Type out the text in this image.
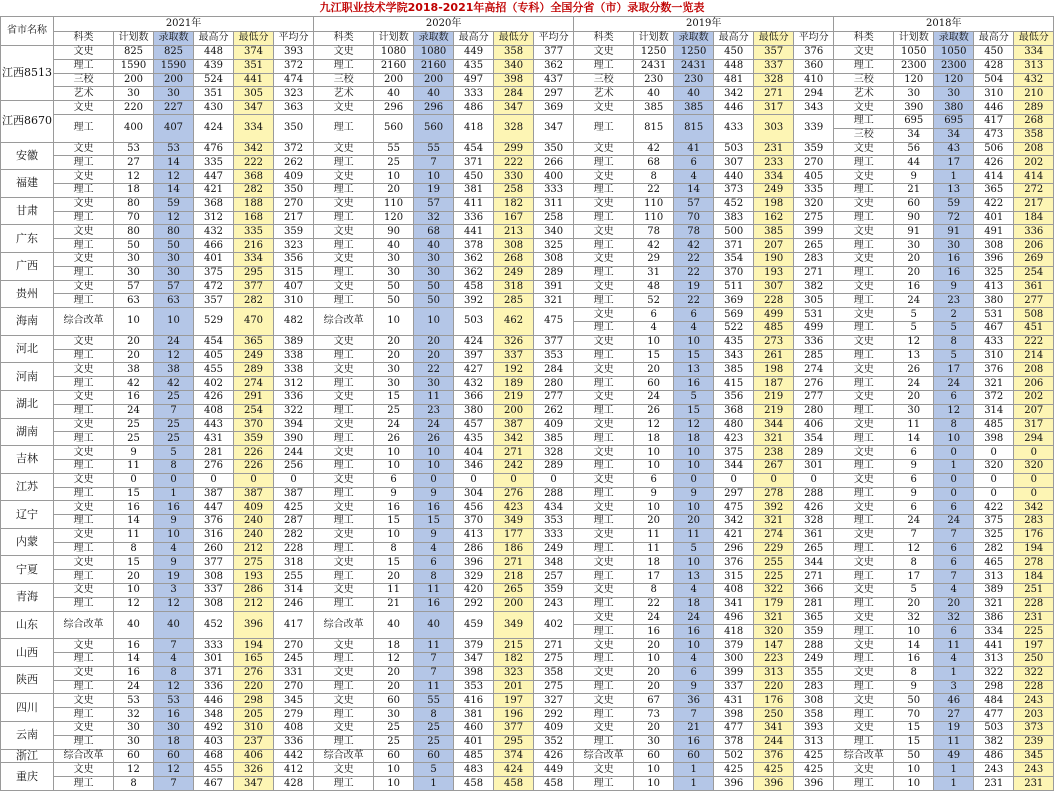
九江职业技术学院2018-2021年高招（专科）全国分省（市）录取分数一览表
省市名称	2021年						2020年						2019年						2018年				
	科类	计划数	录取数	最高分	最低分	平均分	科类	计划数	录取数	最高分	最低分	平均分	科类	计划数	录取数	最高分	最低分	平均分	科类	计划数	录取数	最高分	最低分
江西8513	文史	825	825	448	374	393	文史	1080	1080	449	358	377	文史	1250	1250	450	357	376	文史	1050	1050	450	334
	理工	1590	1590	439	351	372	理工	2160	2160	435	340	362	理工	2431	2431	448	337	360	理工	2300	2300	428	313
	三校	200	200	524	441	474	三校	200	200	497	398	437	三校	230	230	481	328	410	三校	120	120	504	432
	艺术	30	30	351	305	323	艺术	40	40	333	284	297	艺术	40	40	342	271	294	艺术	30	30	310	210
江西8670	文史	220	227	430	347	363	文史	296	296	486	347	369	文史	385	385	446	317	343	文史	390	380	446	289
	理工	400	407	424	334	350	理工	560	560	418	328	347	理工	815	815	433	303	339	理工	695	695	417	268
																			三校	34	34	473	358
安徽	文史	53	53	476	342	372	文史	55	55	454	299	350	文史	42	41	503	231	359	文史	56	43	506	208
	理工	27	14	335	222	262	理工	25	7	371	222	266	理工	68	6	307	233	270	理工	44	17	426	202
福建	文史	12	12	447	368	409	文史	10	10	450	330	400	文史	8	4	440	334	405	文史	9	1	414	414
	理工	18	14	421	282	350	理工	20	19	381	258	333	理工	22	14	373	249	335	理工	21	13	365	272
甘肃	文史	80	59	368	188	270	文史	110	57	411	182	311	文史	110	57	452	198	320	文史	60	59	422	217
	理工	70	12	312	168	217	理工	120	32	336	167	258	理工	110	70	383	162	275	理工	90	72	401	184
广东	文史	80	80	432	335	359	文史	90	68	441	213	340	文史	78	78	500	385	399	文史	91	91	491	336
	理工	50	50	466	216	323	理工	40	40	378	308	325	理工	42	42	371	207	265	理工	30	30	308	206
广西	文史	30	30	401	334	356	文史	30	30	362	268	308	文史	29	22	354	190	283	文史	20	16	396	269
	理工	30	30	375	295	315	理工	30	30	362	249	289	理工	31	22	370	193	271	理工	20	16	325	254
贵州	文史	57	57	472	377	407	文史	50	50	458	318	391	文史	48	19	511	307	382	文史	16	9	413	361
	理工	63	63	357	282	310	理工	50	50	392	285	321	理工	52	22	369	228	305	理工	24	23	380	277
海南	综合改革	10	10	529	470	482	综合改革	10	10	503	462	475	文史	6	6	569	499	531	文史	5	2	531	508
													理工	4	4	522	485	499	理工	5	5	467	451
河北	文史	20	24	454	365	389	文史	20	20	424	326	377	文史	10	10	435	273	336	文史	12	8	433	222
	理工	20	12	405	249	338	理工	20	20	397	337	353	理工	15	15	343	261	285	理工	13	5	310	214
河南	文史	38	38	455	289	338	文史	30	22	427	192	284	文史	20	13	385	198	274	文史	26	17	376	208
	理工	42	42	402	274	312	理工	30	30	432	189	280	理工	60	16	415	187	276	理工	24	24	321	206
湖北	文史	16	25	426	291	336	文史	15	11	366	219	277	文史	24	5	356	219	277	文史	20	6	372	202
	理工	24	7	408	254	322	理工	25	23	380	200	262	理工	26	15	368	219	280	理工	30	12	314	207
湖南	文史	25	25	443	370	394	文史	24	24	457	387	409	文史	12	12	480	344	406	文史	11	8	485	317
	理工	25	25	431	359	390	理工	26	26	435	342	385	理工	18	18	423	321	354	理工	14	10	398	294
吉林	文史	9	5	281	226	244	文史	10	10	404	271	328	文史	10	10	375	238	289	文史	6	0	0	0
	理工	11	8	276	226	256	理工	10	10	346	242	289	理工	10	10	344	267	301	理工	9	1	320	320
江苏	文史	0	0	0	0	0	文史	6	0	0	0	0	文史	6	0	0	0	0	文史	6	0	0	0
	理工	15	1	387	387	387	理工	9	9	304	276	288	理工	9	9	297	278	288	理工	9	0	0	0
辽宁	文史	16	16	447	409	425	文史	16	16	456	423	434	文史	10	10	475	392	426	文史	6	6	422	342
	理工	14	9	376	240	287	理工	15	15	370	349	353	理工	20	20	342	321	328	理工	24	24	375	283
内蒙	文史	11	10	316	240	282	文史	10	9	413	177	333	文史	11	11	421	274	361	文史	7	7	325	176
	理工	8	4	260	212	228	理工	8	4	286	186	249	理工	11	5	296	229	265	理工	12	6	282	194
宁夏	文史	15	9	377	275	318	文史	15	6	396	271	348	文史	18	10	376	255	344	文史	8	6	465	278
	理工	20	19	308	193	255	理工	20	8	329	218	257	理工	17	13	315	225	271	理工	17	7	313	184
青海	文史	10	3	337	286	314	文史	11	11	420	265	359	文史	8	4	408	322	366	文史	5	4	389	251
	理工	12	12	308	212	246	理工	21	16	292	200	243	理工	22	18	341	179	281	理工	20	20	321	228
山东	综合改革	40	40	452	396	417	综合改革	40	40	459	349	402	文史	24	24	496	321	365	文史	32	32	386	231
													理工	16	16	418	320	359	理工	10	6	334	225
山西	文史	16	7	333	194	270	文史	18	11	379	215	271	文史	20	10	379	147	288	文史	14	11	441	197
	理工	14	4	301	165	245	理工	12	7	347	182	275	理工	10	4	300	223	249	理工	16	4	313	250
陕西	文史	16	8	371	276	331	文史	20	7	398	323	358	文史	20	6	399	313	355	文史	8	1	322	322
	理工	24	12	336	220	270	理工	20	11	353	201	275	理工	20	9	337	220	283	理工	9	3	298	228
四川	文史	53	53	446	298	345	文史	60	55	416	197	327	文史	67	36	431	176	308	文史	50	46	484	243
	理工	32	16	348	205	279	理工	30	8	381	196	292	理工	73	7	398	250	358	理工	70	27	477	203
云南	文史	30	30	492	310	408	文史	25	25	460	377	409	文史	20	21	477	341	393	文史	15	19	503	373
	理工	30	18	403	237	336	理工	25	25	401	295	352	理工	30	16	378	244	313	理工	15	11	382	239
浙江	综合改革	60	60	468	406	442	综合改革	60	60	485	374	426	综合改革	60	60	502	376	425	综合改革	50	49	486	345
重庆	文史	12	12	455	326	412	文史	10	5	483	424	449	文史	10	1	425	425	425	文史	10	1	243	243
	理工	8	7	467	347	428	理工	10	1	458	458	458	理工	10	1	396	396	396	理工	10	1	231	231
